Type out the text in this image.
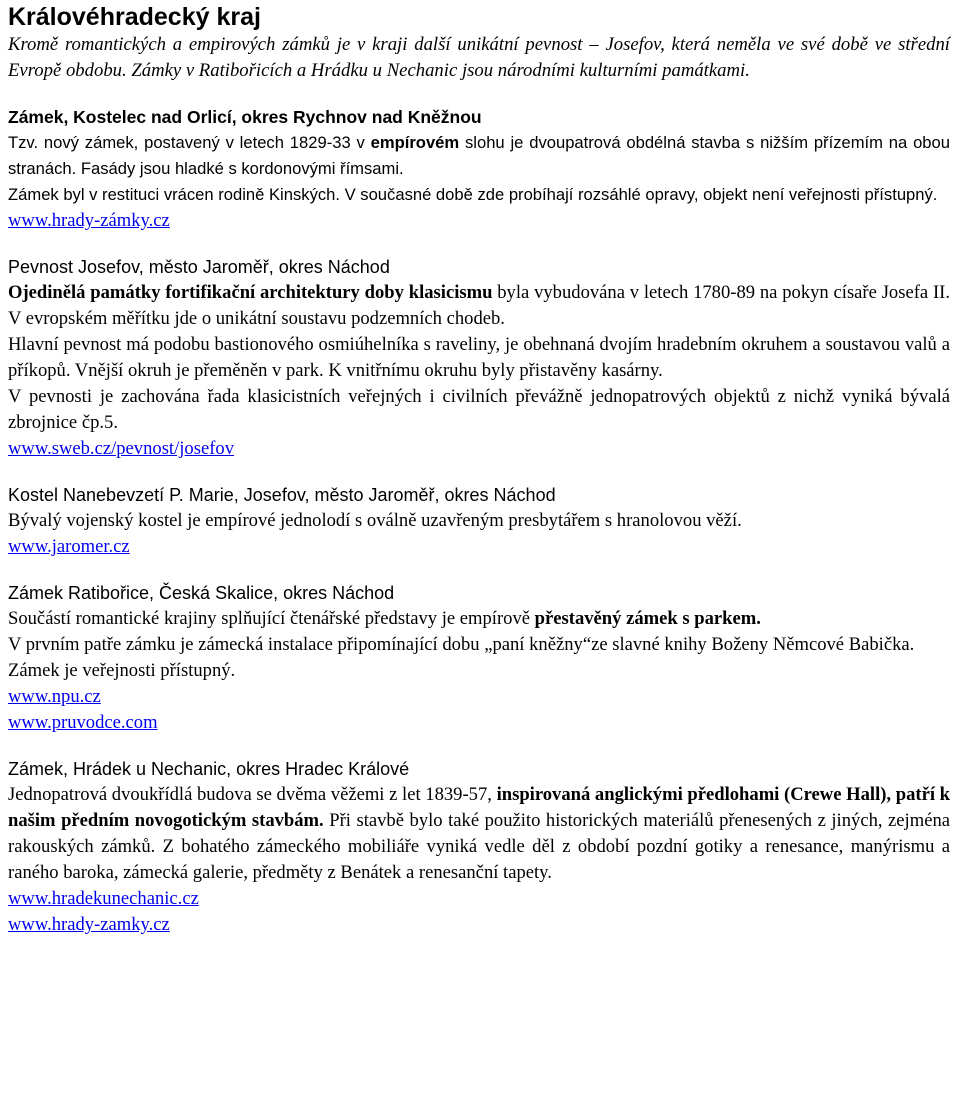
Královéhradecký kraj

Kromě romantických a empirových zámků je v kraji další unikátní pevnost – Josefov, která neměla ve své době ve střední Evropě obdobu. Zámky v Ratibořicích a Hrádku u Nechanic jsou národními kulturními památkami.

Zámek, Kostelec nad Orlicí, okres Rychnov nad Kněžnou

Tzv. nový zámek, postavený v letech 1829-33 v empírovém slohu je dvoupatrová obdélná stavba s nižším přízemím na obou stranách. Fasády jsou hladké s kordonovými římsami.

Zámek byl v restituci vrácen rodině Kinských. V současné době zde probíhají rozsáhlé opravy, objekt není veřejnosti přístupný.

www.hrady-zámky.cz
Pevnost Josefov, město Jaroměř, okres Náchod

Ojedinělá památky fortifikační architektury doby klasicismu byla vybudována v letech 1780-89 na pokyn císaře Josefa II. V evropském měřítku jde o unikátní soustavu podzemních chodeb.

Hlavní pevnost má podobu bastionového osmiúhelníka s raveliny, je obehnaná dvojím hradebním okruhem a soustavou valů a příkopů. Vnější okruh je přeměněn v park. K vnitřnímu okruhu byly přistavěny kasárny.

V pevnosti je zachována řada klasicistních veřejných i civilních převážně jednopatrových objektů z nichž vyniká bývalá zbrojnice čp.5.

www.sweb.cz/pevnost/josefov
Kostel Nanebevzetí P. Marie, Josefov, město Jaroměř, okres Náchod

Bývalý vojenský kostel je empírové jednolodí s oválně uzavřeným presbytářem s hranolovou věží.

www.jaromer.cz
Zámek Ratibořice, Česká Skalice, okres Náchod

Součástí romantické krajiny splňující čtenářské představy je empírově přestavěný zámek s parkem.

V prvním patře zámku je zámecká instalace připomínající dobu „paní kněžny“ze slavné knihy Boženy Němcové Babička.

Zámek je veřejnosti přístupný.

www.npu.cz
www.pruvodce.com
Zámek, Hrádek u Nechanic, okres Hradec Králové

Jednopatrová dvoukřídlá budova se dvěma věžemi z let 1839-57, inspirovaná anglickými předlohami (Crewe Hall), patří k našim předním novogotickým stavbám. Při stavbě bylo také použito historických materiálů přenesených z jiných, zejména rakouských zámků. Z bohatého zámeckého mobiliáře vyniká vedle děl z období pozdní gotiky a renesance, manýrismu a raného baroka, zámecká galerie, předměty z Benátek a renesanční tapety.

www.hradekunechanic.cz
www.hrady-zamky.cz
